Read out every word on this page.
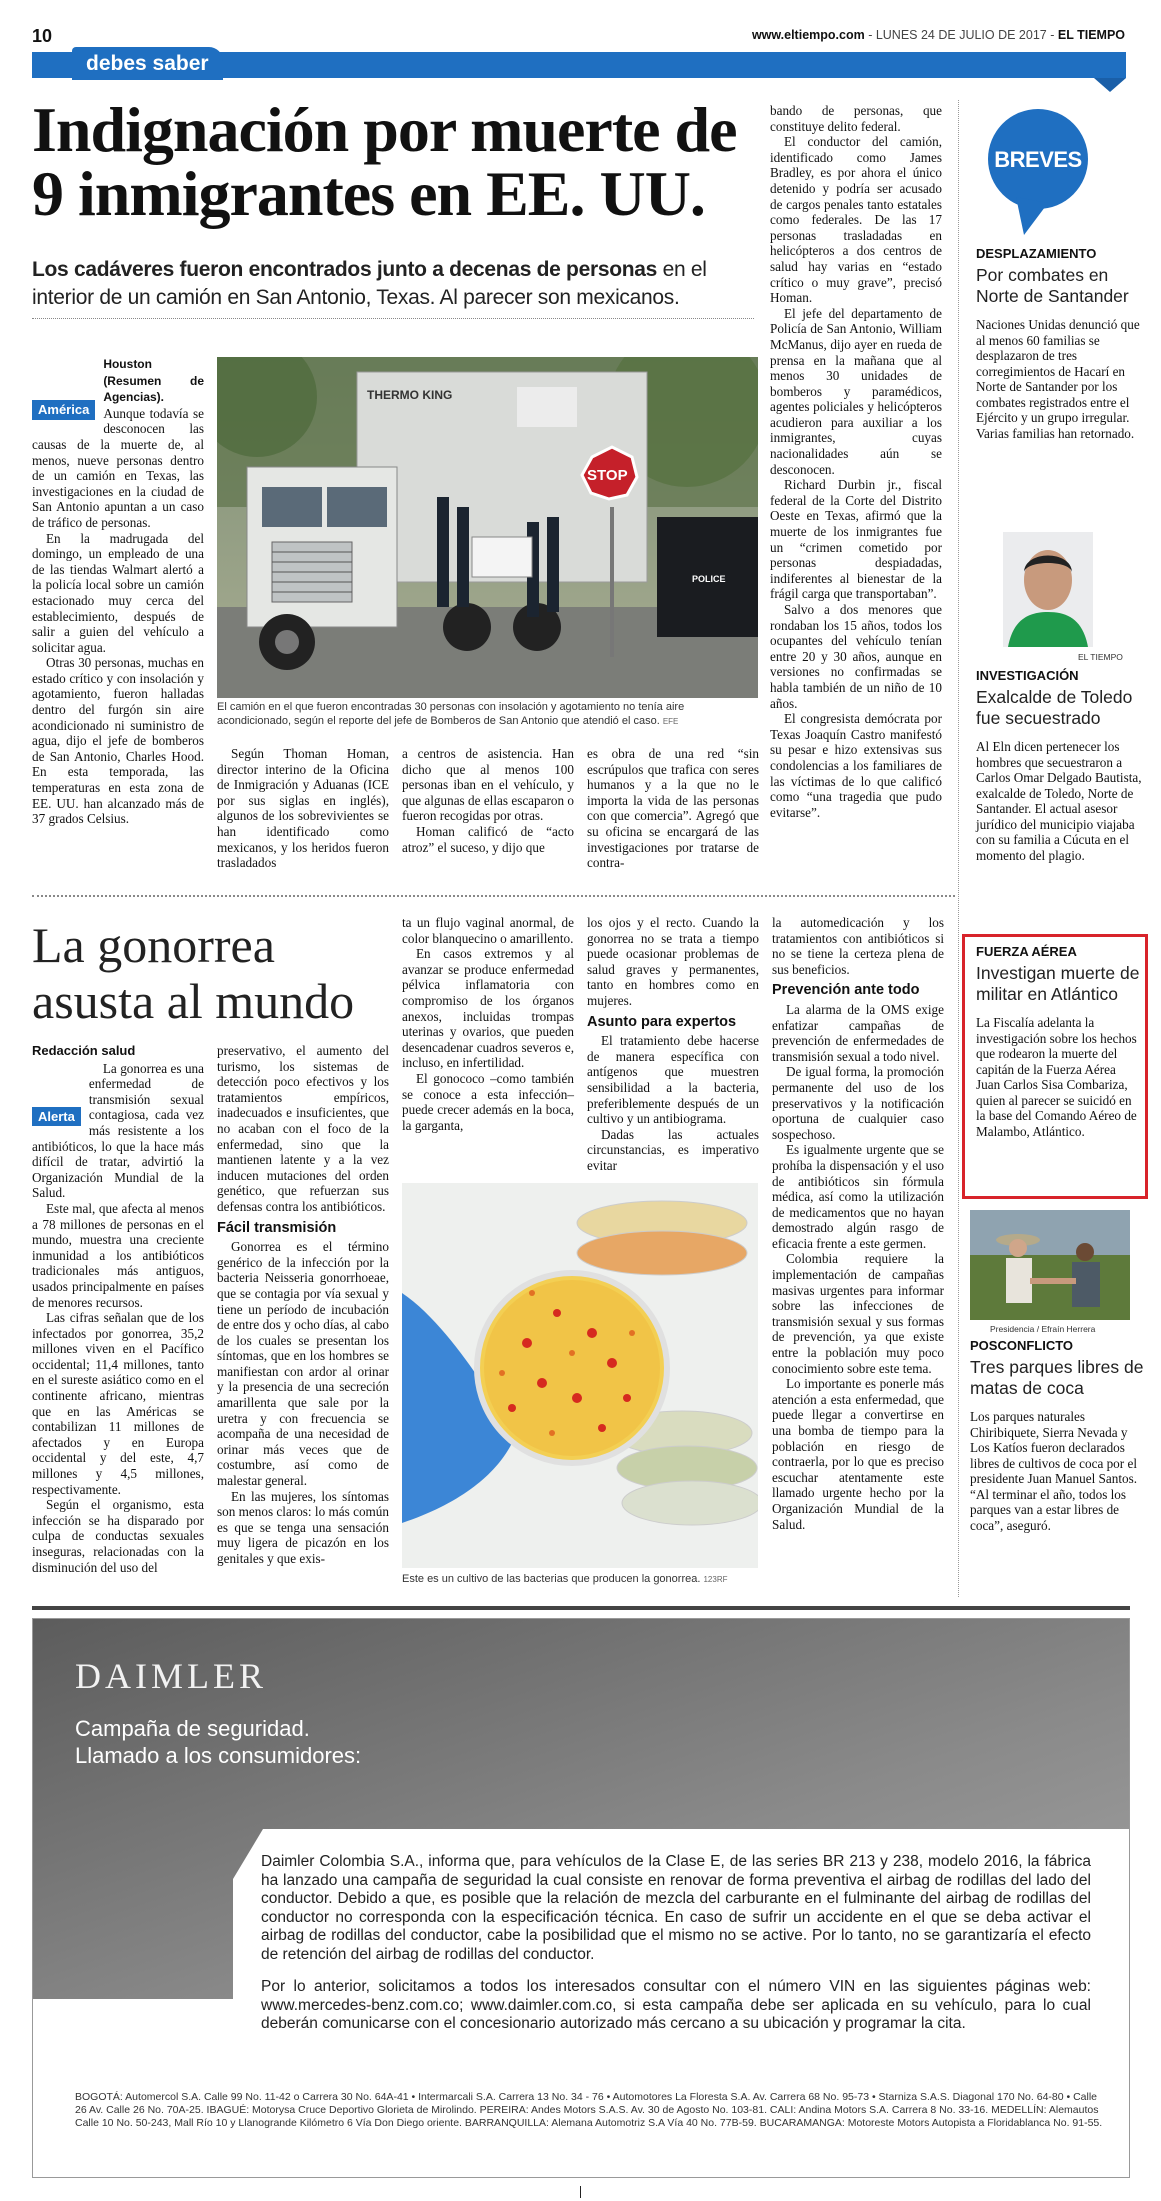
10	www.eltiempo.com - LUNES 24 DE JULIO DE 2017 - EL TIEMPO
debes saber
Indignación por muerte de
9 inmigrantes en EE. UU.
Los cadáveres fueron encontrados junto a decenas de personas en el interior de un camión en San Antonio, Texas. Al parecer son mexicanos.
América

Houston (Resumen de Agencias). Aunque todavía se desconocen las causas de la muerte de, al menos, nueve personas dentro de un camión en Texas, las investigaciones en la ciudad de San Antonio apuntan a un caso de tráfico de personas.

En la madrugada del domingo, un empleado de una de las tiendas Walmart alertó a la policía local sobre un camión estacionado muy cerca del establecimiento, después de salir a guien del vehículo a solicitar agua.

Otras 30 personas, muchas en estado crítico y con insolación y agotamiento, fueron halladas dentro del furgón sin aire acondicionado ni suministro de agua, dijo el jefe de bomberos de San Antonio, Charles Hood. En esta temporada, las temperaturas en esta zona de EE. UU. han alcanzado más de 37 grados Celsius.

THERMO KING
STOP
POLICE
El camión en el que fueron encontradas 30 personas con insolación y agotamiento no tenía aire acondicionado, según el reporte del jefe de Bomberos de San Antonio que atendió el caso. EFE

Según Thoman Homan, director interino de la Oficina de Inmigración y Aduanas (ICE por sus siglas en inglés), algunos de los sobrevivientes se han identificado como mexicanos, y los heridos fueron trasladados

a centros de asistencia. Han dicho que al menos 100 personas iban en el vehículo, y que algunas de ellas escaparon o fueron recogidas por otras.

Homan calificó de “acto atroz” el suceso, y dijo que

es obra de una red “sin escrúpulos que trafica con seres humanos y a la que no le importa la vida de las personas con que comercia”. Agregó que su oficina se encargará de las investigaciones por tratarse de contra-

bando de personas, que constituye delito federal.

El conductor del camión, identificado como James Bradley, es por ahora el único detenido y podría ser acusado de cargos penales tanto estatales como federales. De las 17 personas trasladadas en helicópteros a dos centros de salud hay varias en “estado crítico o muy grave”, precisó Homan.

El jefe del departamento de Policía de San Antonio, William McManus, dijo ayer en rueda de prensa en la mañana que al menos 30 unidades de bomberos y paramédicos, agentes policiales y helicópteros acudieron para auxiliar a los inmigrantes, cuyas nacionalidades aún se desconocen.

Richard Durbin jr., fiscal federal de la Corte del Distrito Oeste en Texas, afirmó que la muerte de los inmigrantes fue un “crimen cometido por personas despiadadas, indiferentes al bienestar de la frágil carga que transportaban”.

Salvo a dos menores que rondaban los 15 años, todos los ocupantes del vehículo tenían entre 20 y 30 años, aunque en versiones no confirmadas se habla también de un niño de 10 años.

El congresista demócrata por Texas Joaquín Castro manifestó su pesar e hizo extensivas sus condolencias a los familiares de las víctimas de lo que calificó como “una tragedia que pudo evitarse”.

La gonorrea
asusta al mundo
Redacción salud
Alerta

La gonorrea es una enfermedad de transmisión sexual contagiosa, cada vez más resistente a los antibióticos, lo que la hace más difícil de tratar, advirtió la Organización Mundial de la Salud.

Este mal, que afecta al menos a 78 millones de personas en el mundo, muestra una creciente inmunidad a los antibióticos tradicionales más antiguos, usados principalmente en países de menores recursos.

Las cifras señalan que de los infectados por gonorrea, 35,2 millones viven en el Pacífico occidental; 11,4 millones, tanto en el sureste asiático como en el continente africano, mientras que en las Américas se contabilizan 11 millones de afectados y en Europa occidental y del este, 4,7 millones y 4,5 millones, respectivamente.

Según el organismo, esta infección se ha disparado por culpa de conductas sexuales inseguras, relacionadas con la disminución del uso del

preservativo, el aumento del turismo, los sistemas de detección poco efectivos y los tratamientos empíricos, inadecuados e insuficientes, que no acaban con el foco de la enfermedad, sino que la mantienen latente y a la vez inducen mutaciones del orden genético, que refuerzan sus defensas contra los antibióticos.

Fácil transmisión

Gonorrea es el término genérico de la infección por la bacteria Neisseria gonorrhoeae, que se contagia por vía sexual y tiene un período de incubación de entre dos y ocho días, al cabo de los cuales se presentan los síntomas, que en los hombres se manifiestan con ardor al orinar y la presencia de una secreción amarillenta que sale por la uretra y con frecuencia se acompaña de una necesidad de orinar más veces que de costumbre, así como de malestar general.

En las mujeres, los síntomas son menos claros: lo más común es que se tenga una sensación muy ligera de picazón en los genitales y que exis-

ta un flujo vaginal anormal, de color blanquecino o amarillento.

En casos extremos y al avanzar se produce enfermedad pélvica inflamatoria con compromiso de los órganos anexos, incluidas trompas uterinas y ovarios, que pueden desencadenar cuadros severos e, incluso, en infertilidad.

El gonococo –como también se conoce a esta infección– puede crecer además en la boca, la garganta,

los ojos y el recto. Cuando la gonorrea no se trata a tiempo puede ocasionar problemas de salud graves y permanentes, tanto en hombres como en mujeres.

Asunto para expertos

El tratamiento debe hacerse de manera específica con antígenos que muestren sensibilidad a la bacteria, preferiblemente después de un cultivo y un antibiograma.

Dadas las actuales circunstancias, es imperativo evitar

Este es un cultivo de las bacterias que producen la gonorrea. 123RF

la automedicación y los tratamientos con antibióticos si no se tiene la certeza plena de sus beneficios.

Prevención ante todo

La alarma de la OMS exige enfatizar campañas de prevención de enfermedades de transmisión sexual a todo nivel.

De igual forma, la promoción permanente del uso de los preservativos y la notificación oportuna de cualquier caso sospechoso.

Es igualmente urgente que se prohíba la dispensación y el uso de antibióticos sin fórmula médica, así como la utilización de medicamentos que no hayan demostrado algún rasgo de eficacia frente a este germen.

Colombia requiere la implementación de campañas masivas urgentes para informar sobre las infecciones de transmisión sexual y sus formas de prevención, ya que existe entre la población muy poco conocimiento sobre este tema.

Lo importante es ponerle más atención a esta enfermedad, que puede llegar a convertirse en una bomba de tiempo para la población en riesgo de contraerla, por lo que es preciso escuchar atentamente este llamado urgente hecho por la Organización Mundial de la Salud.

BREVES
DESPLAZAMIENTO
Por combates en Norte de Santander
Naciones Unidas denunció que al menos 60 familias se desplazaron de tres corregimientos de Hacarí en Norte de Santander por los combates registrados entre el Ejército y un grupo irregular. Varias familias han retornado.
EL TIEMPO
INVESTIGACIÓN
Exalcalde de Toledo fue secuestrado
Al Eln dicen pertenecer los hombres que secuestraron a Carlos Omar Delgado Bautista, exalcalde de Toledo, Norte de Santander. El actual asesor jurídico del municipio viajaba con su familia a Cúcuta en el momento del plagio.
FUERZA AÉREA
Investigan muerte de militar en Atlántico
La Fiscalía adelanta la investigación sobre los hechos que rodearon la muerte del capitán de la Fuerza Aérea Juan Carlos Sisa Combariza, quien al parecer se suicidó en la base del Comando Aéreo de Malambo, Atlántico.
Presidencia / Efraín Herrera
POSCONFLICTO
Tres parques libres de matas de coca
Los parques naturales Chiribiquete, Sierra Nevada y Los Katíos fueron declarados libres de cultivos de coca por el presidente Juan Manuel Santos. “Al terminar el año, todos los parques van a estar libres de coca”, aseguró.
DAIMLER
Campaña de seguridad.
Llamado a los consumidores:

Daimler Colombia S.A., informa que, para vehículos de la Clase E, de las series BR 213 y 238, modelo 2016, la fábrica ha lanzado una campaña de seguridad la cual consiste en renovar de forma preventiva el airbag de rodillas del lado del conductor. Debido a que, es posible que la relación de mezcla del carburante en el fulminante del airbag de rodillas del conductor no corresponda con la especificación técnica. En caso de sufrir un accidente en el que se deba activar el airbag de rodillas del conductor, cabe la posibilidad que el mismo no se active. Por lo tanto, no se garantizaría el efecto de retención del airbag de rodillas del conductor.

Por lo anterior, solicitamos a todos los interesados consultar con el número VIN en las siguientes páginas web: www.mercedes-benz.com.co; www.daimler.com.co, si esta campaña debe ser aplicada en su vehículo, para lo cual deberán comunicarse con el concesionario autorizado más cercano a su ubicación y programar la cita.

BOGOTÁ: Automercol S.A. Calle 99 No. 11-42 o Carrera 30 No. 64A-41 • Intermarcali S.A. Carrera 13 No. 34 - 76 • Automotores La Floresta S.A. Av. Carrera 68 No. 95-73 • Starniza S.A.S. Diagonal 170 No. 64-80 • Calle 26 Av. Calle 26 No. 70A-25. IBAGUÉ: Motorysa Cruce Deportivo Glorieta de Mirolindo. PEREIRA: Andes Motors S.A.S. Av. 30 de Agosto No. 103-81. CALI: Andina Motors S.A. Carrera 8 No. 33-16. MEDELLÍN: Alemautos Calle 10 No. 50-243, Mall Río 10 y Llanogrande Kilómetro 6 Vía Don Diego oriente. BARRANQUILLA: Alemana Automotriz S.A Vía 40 No. 77B-59. BUCARAMANGA: Motoreste Motors Autopista a Floridablanca No. 91-55.
